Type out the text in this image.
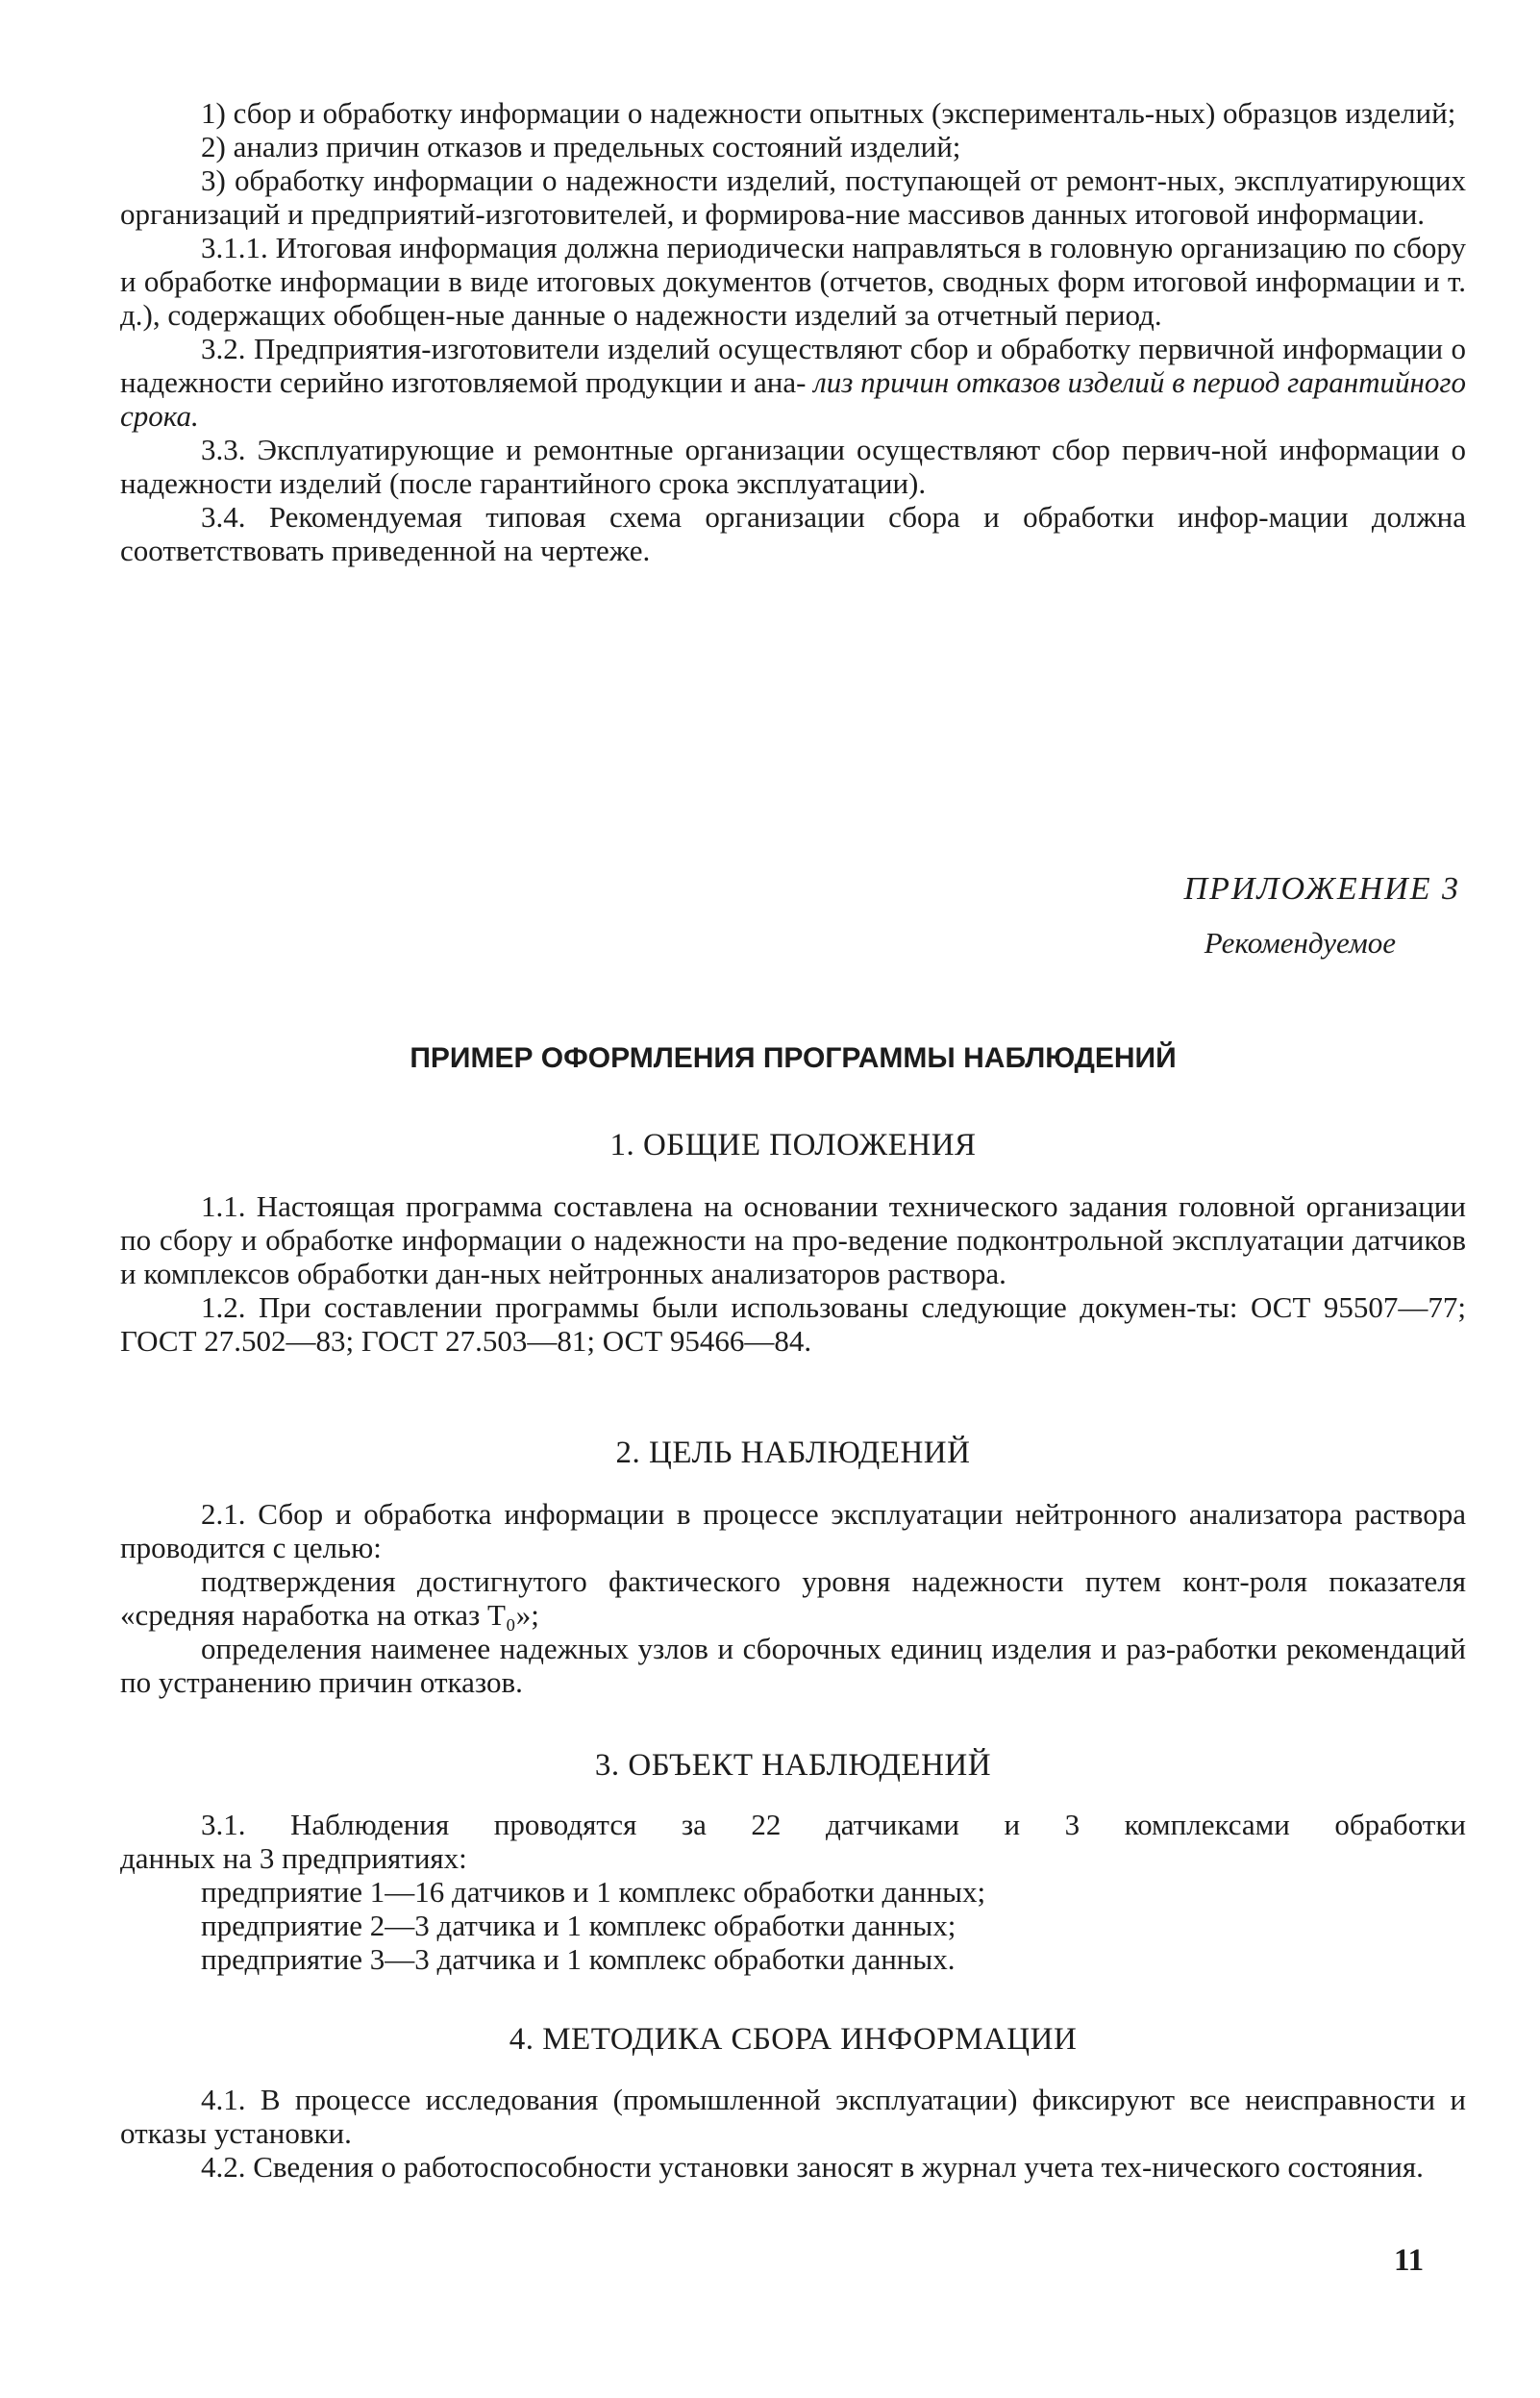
1) сбор и обработку информации о надежности опытных (эксперименталь-ных) образцов изделий;

2) анализ причин отказов и предельных состояний изделий;

3) обработку информации о надежности изделий, поступающей от ремонт-ных, эксплуатирующих организаций и предприятий-изготовителей, и формирова-ние массивов данных итоговой информации.

3.1.1. Итоговая информация должна периодически направляться в головную организацию по сбору и обработке информации в виде итоговых документов (отчетов, сводных форм итоговой информации и т. д.), содержащих обобщен-ные данные о надежности изделий за отчетный период.

3.2. Предприятия-изготовители изделий осуществляют сбор и обработку первичной информации о надежности серийно изготовляемой продукции и ана- лиз причин отказов изделий в период гарантийного срока.

3.3. Эксплуатирующие и ремонтные организации осуществляют сбор первич-ной информации о надежности изделий (после гарантийного срока эксплуатации).

3.4. Рекомендуемая типовая схема организации сбора и обработки инфор-мации должна соответствовать приведенной на чертеже.

ПРИЛОЖЕНИЕ 3
Рекомендуемое
ПРИМЕР ОФОРМЛЕНИЯ ПРОГРАММЫ НАБЛЮДЕНИЙ
1. ОБЩИЕ ПОЛОЖЕНИЯ

1.1. Настоящая программа составлена на основании технического задания головной организации по сбору и обработке информации о надежности на про-ведение подконтрольной эксплуатации датчиков и комплексов обработки дан-ных нейтронных анализаторов раствора.

1.2. При составлении программы были использованы следующие докумен-ты: ОСТ 95507—77; ГОСТ 27.502—83; ГОСТ 27.503—81; ОСТ 95466—84.

2. ЦЕЛЬ НАБЛЮДЕНИЙ

2.1. Сбор и обработка информации в процессе эксплуатации нейтронного анализатора раствора проводится с целью:

подтверждения достигнутого фактического уровня надежности путем конт-роля показателя «средняя наработка на отказ T₀»;

определения наименее надежных узлов и сборочных единиц изделия и раз-работки рекомендаций по устранению причин отказов.

3. ОБЪЕКТ НАБЛЮДЕНИЙ

3.1. Наблюдения проводятся за 22 датчиками и 3 комплексами обработки

данных на 3 предприятиях:

предприятие 1—16 датчиков и 1 комплекс обработки данных;

предприятие 2—3 датчика и 1 комплекс обработки данных;

предприятие 3—3 датчика и 1 комплекс обработки данных.

4. МЕТОДИКА СБОРА ИНФОРМАЦИИ

4.1. В процессе исследования (промышленной эксплуатации) фиксируют все неисправности и отказы установки.

4.2. Сведения о работоспособности установки заносят в журнал учета тех-нического состояния.

11
